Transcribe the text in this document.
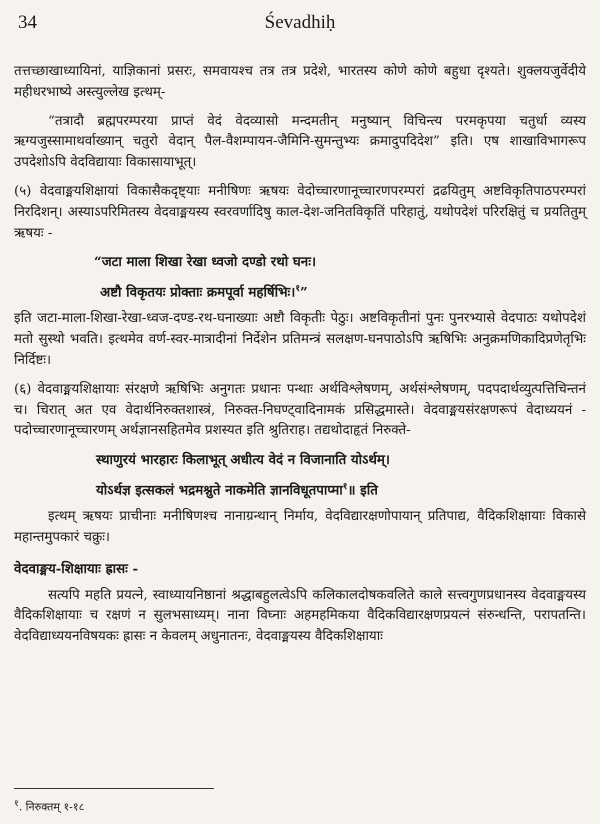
34	Śevadhiḥ

तत्तच्छाखाध्यायिनां, याज्ञिकानां प्रसरः, समवायश्च तत्र तत्र प्रदेशे, भारतस्य कोणे कोणे बहुधा दृश्यते। शुक्लयजुर्वेदीये महीधरभाष्ये अस्त्युल्लेख इत्थम्-

“तत्रादौ ब्रह्मपरम्परया प्राप्तं वेदं वेदव्यासो मन्दमतीन् मनुष्यान् विचिन्त्य परमकृपया चतुर्धा व्यस्य ऋग्यजुस्सामाथर्वाख्यान् चतुरो वेदान् पैल-वैशम्पायन-जैमिनि-सुमन्तुभ्यः क्रमादुपदिदेश” इति। एष शाखाविभागरूप उपदेशोऽपि वेदविद्यायाः विकासायाभूत्।

(५) वेदवाङ्मयशिक्षायां विकासैकदृष्ट्याः मनीषिणः ऋषयः वेदोच्चारणानूच्चारणपरम्परां द्रढयितुम् अष्टविकृतिपाठपरम्परां निरदिशन्। अस्याऽपरिमितस्य वेदवाङ्मयस्य स्वरवर्णादिषु काल-देश-जनितविकृतिं परिहातुं, यथोपदेशं परिरक्षितुं च प्रयतितुम् ऋषयः -

“जटा माला शिखा रेखा ध्वजो दण्डो रथो घनः।
अष्टौ विकृतयः प्रोक्ताः क्रमपूर्वा महर्षिभिः।$^१$”

इति जटा-माला-शिखा-रेखा-ध्वज-दण्ड-रथ-घनाख्याः अष्टौ विकृतीः पेठुः। अष्टविकृतीनां पुनः पुनरभ्यासे वेदपाठः यथोपदेशं मतो सुस्थो भवति। इत्थमेव वर्ण-स्वर-मात्रादीनां निर्देशेन प्रतिमन्त्रं सलक्षण-घनपाठोऽपि ऋषिभिः अनुक्रमणिकादिप्रणेतृभिः निर्दिष्टः।

(६) वेदवाङ्मयशिक्षायाः संरक्षणे ऋषिभिः अनुगतः प्रधानः पन्थाः अर्थविश्लेषणम्, अर्थसंश्लेषणम्, पदपदार्थव्युत्पत्तिचिन्तनं च। चिरात् अत एव वेदार्थनिरुक्तशास्त्रं, निरुक्त-निघण्ट्वादिनामकं प्रसिद्धमास्ते। वेदवाङ्मयसंरक्षणरूपं वेदाध्ययनं - पदोच्चारणानूच्चारणम् अर्थज्ञानसहितमेव प्रशस्यत इति श्रुतिराह। तद्यथोदाहृतं निरुक्ते-

स्थाणुरयं भारहारः किलाभूत् अधीत्य वेदं न विजानाति योऽर्थम्।
योऽर्थज्ञ इत्सकलं भद्रमश्नुते नाकमेति ज्ञानविधूतपाप्मा$^१$॥ इति

इत्थम् ऋषयः प्राचीनाः मनीषिणश्च नानाग्रन्थान् निर्माय, वेदविद्यारक्षणोपायान् प्रतिपाद्य, वैदिकशिक्षायाः विकासे महान्तमुपकारं चक्रुः।

वेदवाङ्मय-शिक्षायाः ह्रासः -

सत्यपि महति प्रयत्ने, स्वाध्यायनिष्ठानां श्रद्धाबहुलत्वेऽपि कलिकालदोषकवलिते काले सत्त्वगुणप्रधानस्य वेदवाङ्मयस्य वैदिकशिक्षायाः च रक्षणं न सुलभसाध्यम्। नाना विघ्नाः अहमहमिकया वैदिकविद्यारक्षणप्रयत्नं संरुन्धन्ति, परापतन्ति। वेदविद्याध्ययनविषयकः ह्रासः न केवलम् अधुनातनः, वेदवाङ्मयस्य वैदिकशिक्षायाः

$^१$. निरुक्तम् १-१८
